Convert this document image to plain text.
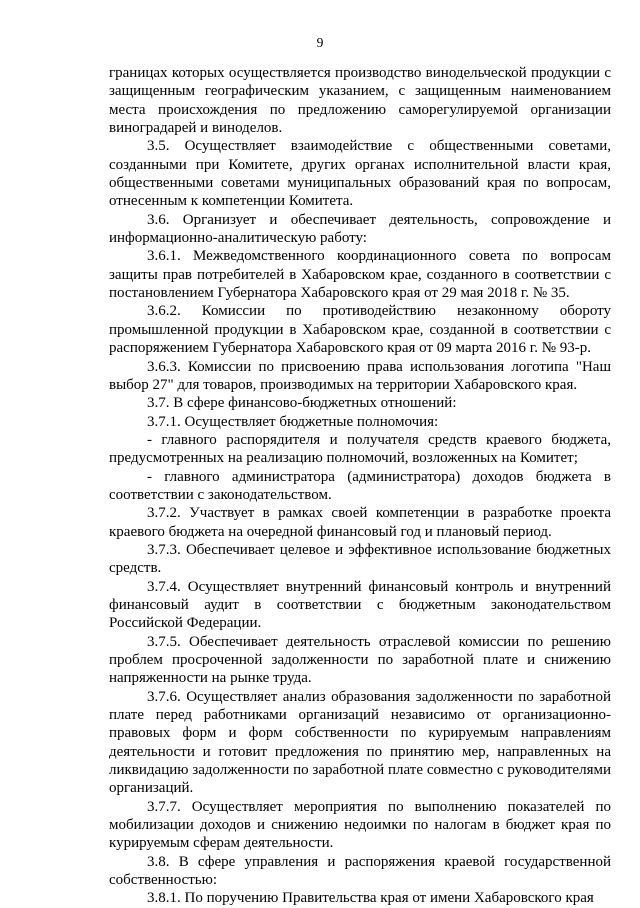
9

границах которых осуществляется производство винодельческой продукции с защищенным географическим указанием, с защищенным наименованием места происхождения по предложению саморегулируемой организации виноградарей и виноделов.

3.5. Осуществляет взаимодействие с общественными советами, созданными при Комитете, других органах исполнительной власти края, общественными советами муниципальных образований края по вопросам, отнесенным к компетенции Комитета.

3.6. Организует и обеспечивает деятельность, сопровождение и информационно-аналитическую работу:

3.6.1. Межведомственного координационного совета по вопросам защиты прав потребителей в Хабаровском крае, созданного в соответствии с постановлением Губернатора Хабаровского края от 29 мая 2018 г. № 35.

3.6.2. Комиссии по противодействию незаконному обороту промышленной продукции в Хабаровском крае, созданной в соответствии с распоряжением Губернатора Хабаровского края от 09 марта 2016 г. № 93-р.

3.6.3. Комиссии по присвоению права использования логотипа "Наш выбор 27" для товаров, производимых на территории Хабаровского края.

3.7. В сфере финансово-бюджетных отношений:

3.7.1. Осуществляет бюджетные полномочия:

- главного распорядителя и получателя средств краевого бюджета, предусмотренных на реализацию полномочий, возложенных на Комитет;

- главного администратора (администратора) доходов бюджета в соответствии с законодательством.

3.7.2. Участвует в рамках своей компетенции в разработке проекта краевого бюджета на очередной финансовый год и плановый период.

3.7.3. Обеспечивает целевое и эффективное использование бюджетных средств.

3.7.4. Осуществляет внутренний финансовый контроль и внутренний финансовый аудит в соответствии с бюджетным законодательством Российской Федерации.

3.7.5. Обеспечивает деятельность отраслевой комиссии по решению проблем просроченной задолженности по заработной плате и снижению напряженности на рынке труда.

3.7.6. Осуществляет анализ образования задолженности по заработной плате перед работниками организаций независимо от организационно-правовых форм и форм собственности по курируемым направлениям деятельности и готовит предложения по принятию мер, направленных на ликвидацию задолженности по заработной плате совместно с руководителями организаций.

3.7.7. Осуществляет мероприятия по выполнению показателей по мобилизации доходов и снижению недоимки по налогам в бюджет края по курируемым сферам деятельности.

3.8. В сфере управления и распоряжения краевой государственной собственностью:

3.8.1. По поручению Правительства края от имени Хабаровского края
